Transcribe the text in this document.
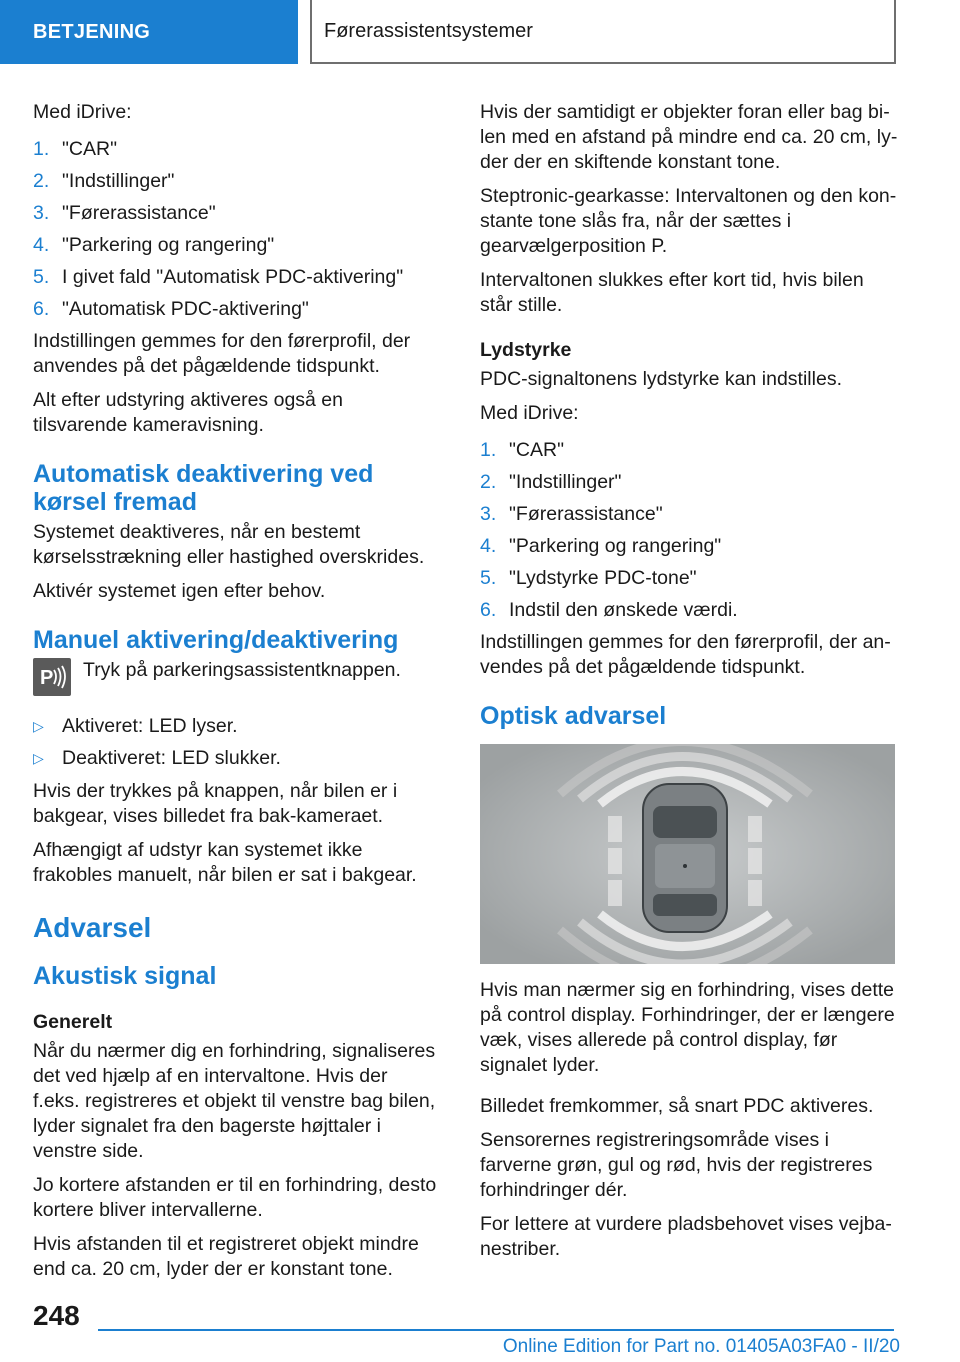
BETJENING	Førerassistentsystemer

Med iDrive:

1. "CAR"
2. "Indstillinger"
3. "Førerassistance"
4. "Parkering og rangering"
5. I givet fald "Automatisk PDC-aktivering"
6. "Automatisk PDC-aktivering"

Indstillingen gemmes for den førerprofil, der anvendes på det pågældende tidspunkt.

Alt efter udstyring aktiveres også en tilsvarende kameravisning.

Automatisk deaktivering ved kørsel fremad

Systemet deaktiveres, når en bestemt kørselsstrækning eller hastighed overskrides.

Aktivér systemet igen efter behov.

Manuel aktivering/deaktivering
P Tryk på parkeringsassistentknappen.
▷ Aktiveret: LED lyser.
▷ Deaktiveret: LED slukker.

Hvis der trykkes på knappen, når bilen er i bakgear, vises billedet fra bak-kameraet.

Afhængigt af udstyr kan systemet ikke frakobles manuelt, når bilen er sat i bakgear.

Advarsel
Akustisk signal
Generelt

Når du nærmer dig en forhindring, signaliseres det ved hjælp af en intervaltone. Hvis der f.eks. registreres et objekt til venstre bag bilen, lyder signalet fra den bagerste højttaler i venstre side.

Jo kortere afstanden er til en forhindring, desto kortere bliver intervallerne.

Hvis afstanden til et registreret objekt mindre end ca. 20 cm, lyder der er konstant tone.

Hvis der samtidigt er objekter foran eller bag bilen med en afstand på mindre end ca. 20 cm, lyder der en skiftende konstant tone.

Steptronic-gearkasse: Intervaltonen og den konstante tone slås fra, når der sættes i gearvælgerposition P.

Intervaltonen slukkes efter kort tid, hvis bilen står stille.

Lydstyrke

PDC-signaltonens lydstyrke kan indstilles.

Med iDrive:

1. "CAR"
2. "Indstillinger"
3. "Førerassistance"
4. "Parkering og rangering"
5. "Lydstyrke PDC-tone"
6. Indstil den ønskede værdi.

Indstillingen gemmes for den førerprofil, der anvendes på det pågældende tidspunkt.

Optisk advarsel

Hvis man nærmer sig en forhindring, vises dette på control display. Forhindringer, der er længere væk, vises allerede på control display, før signalet lyder.

Billedet fremkommer, så snart PDC aktiveres.

Sensorernes registreringsområde vises i farverne grøn, gul og rød, hvis der registreres forhindringer dér.

For lettere at vurdere pladsbehovet vises vejbanestriber.

248
Online Edition for Part no. 01405A03FA0 - II/20
